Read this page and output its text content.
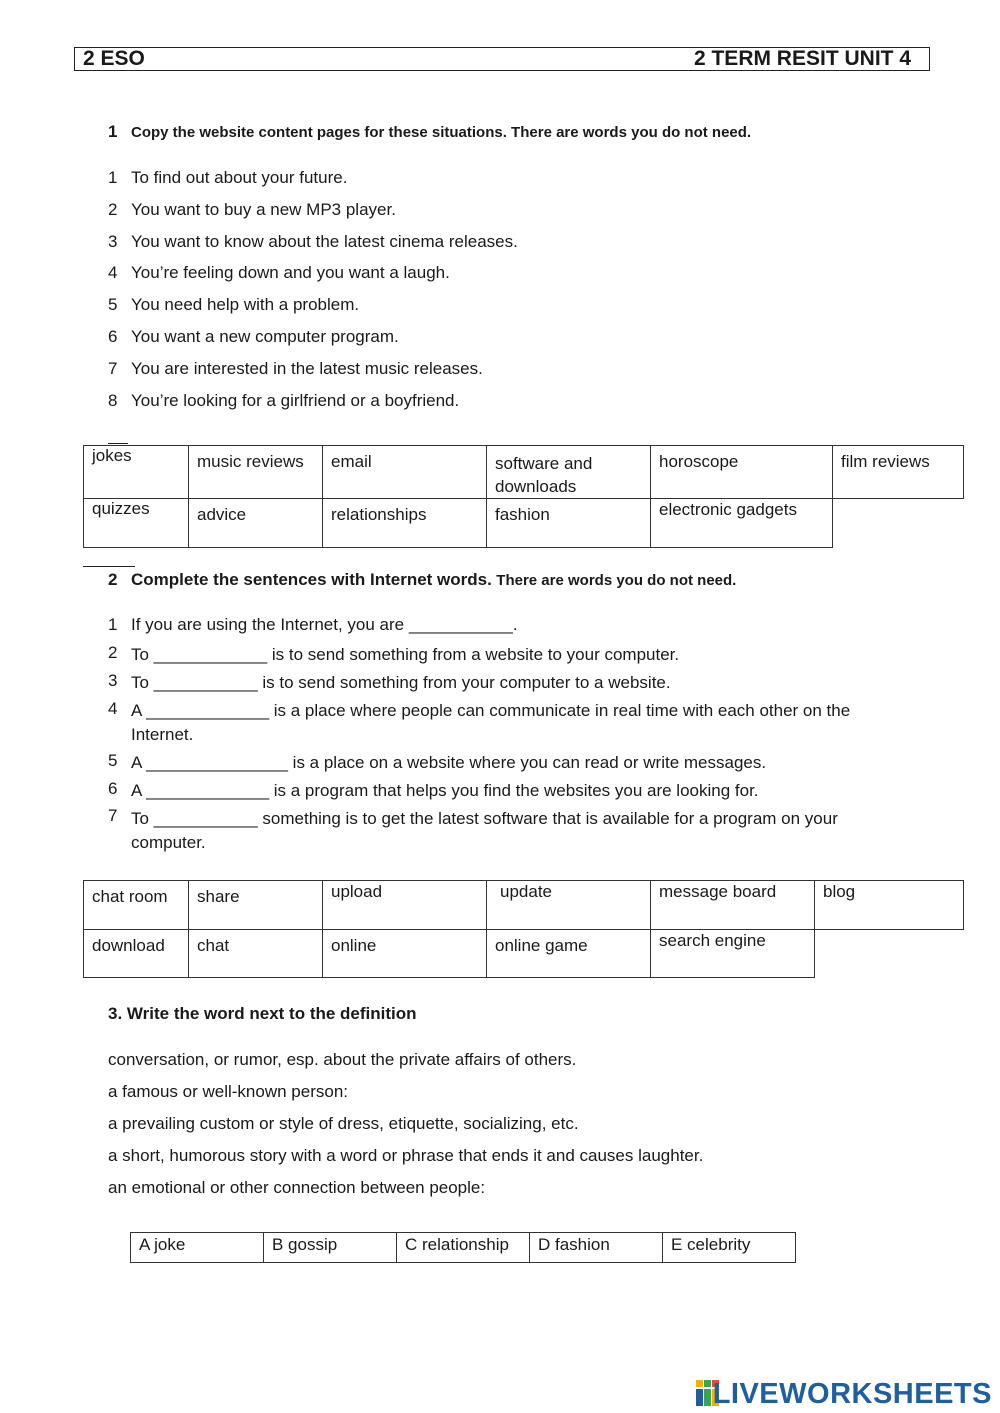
2 ESO	2 TERM RESIT UNIT 4
1 Copy the website content pages for these situations. There are words you do not need.
1 To find out about your future.
2 You want to buy a new MP3 player.
3 You want to know about the latest cinema releases.
4 You’re feeling down and you want a laugh.
5 You need help with a problem.
6 You want a new computer program.
7 You are interested in the latest music releases.
8 You’re looking for a girlfriend or a boyfriend.
jokes	music reviews	email	software and downloads	horoscope	film reviews
quizzes	advice	relationships	fashion	electronic gadgets	
2 Complete the sentences with Internet words. There are words you do not need.
1 If you are using the Internet, you are ___________.
2 To ____________ is to send something from a website to your computer.
3 To ___________ is to send something from your computer to a website.
4 A _____________ is a place where people can communicate in real time with each other on the
Internet.
5 A _______________ is a place on a website where you can read or write messages.
6 A _____________ is a program that helps you find the websites you are looking for.
7 To ___________ something is to get the latest software that is available for a program on your
computer.
chat room	share	upload	update	message board	blog
download	chat	online	online game	search engine	
3. Write the word next to the definition
conversation, or rumor, esp. about the private affairs of others.
a famous or well-known person:
a prevailing custom or style of dress, etiquette, socializing, etc.
a short, humorous story with a word or phrase that ends it and causes laughter.
an emotional or other connection between people:
A joke	B gossip	C relationship	D fashion	E celebrity
LIVEWORKSHEETS
